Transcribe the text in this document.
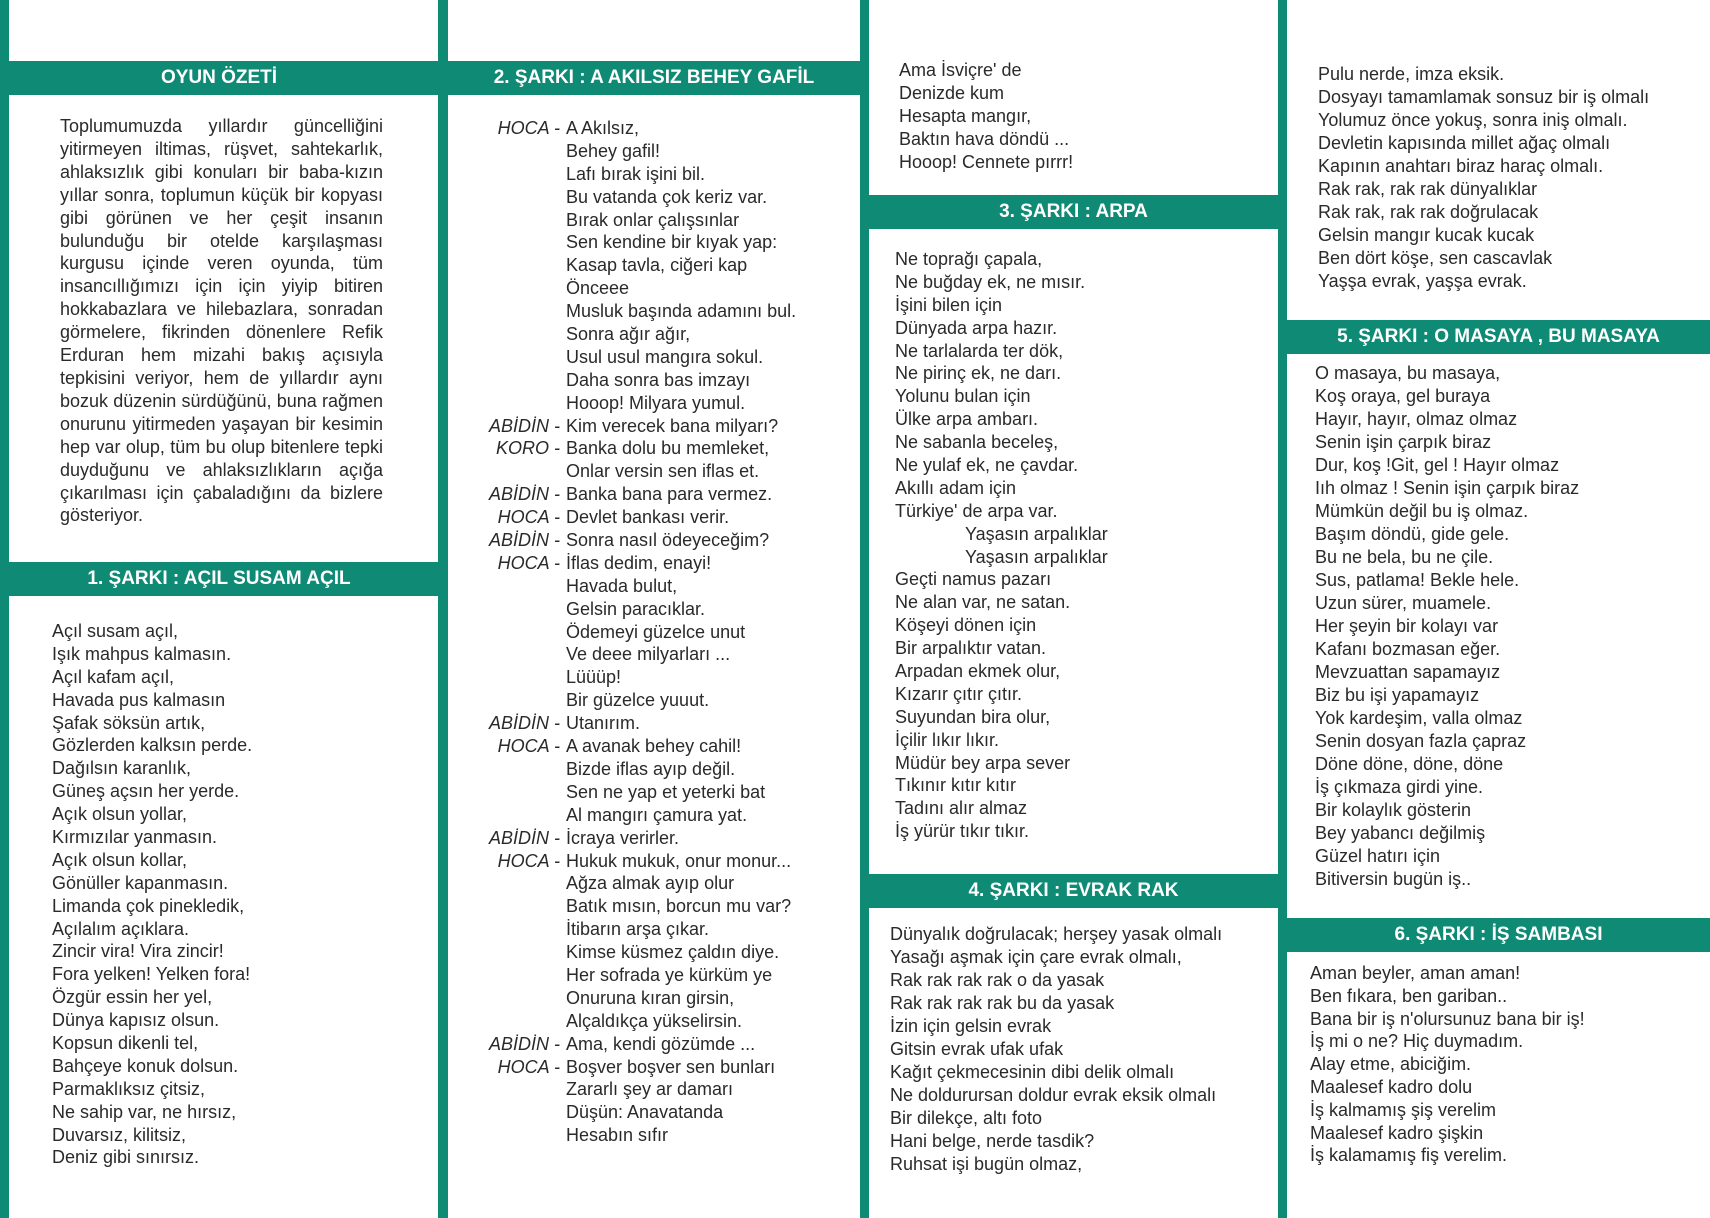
OYUN ÖZETİ

Toplumumuzda yıllardır güncelliğini yitirmeyen iltimas, rüşvet, sahtekarlık, ahlaksızlık gibi konuları bir baba-kızın yıllar sonra, toplumun küçük bir kopyası gibi görünen ve her çeşit insanın bulunduğu bir otelde karşılaşması kurgusu içinde veren oyunda, tüm insancıllığımızı için için yiyip bitiren hokkabazlara ve hilebazlara, sonradan görmelere, fikrinden dönenlere Refik Erduran hem mizahi bakış açısıyla tepkisini veriyor, hem de yıllardır aynı bozuk düzenin sürdüğünü, buna rağmen onurunu yitirmeden yaşayan bir kesimin hep var olup, tüm bu olup bitenlere tepki duyduğunu ve ahlaksızlıkların açığa çıkarılması için çabaladığını da bizlere gösteriyor.

1. ŞARKI : AÇIL SUSAM AÇIL
Açıl susam açıl,
Işık mahpus kalmasın.
Açıl kafam açıl,
Havada pus kalmasın
Şafak söksün artık,
Gözlerden kalksın perde.
Dağılsın karanlık,
Güneş açsın her yerde.
Açık olsun yollar,
Kırmızılar yanmasın.
Açık olsun kollar,
Gönüller kapanmasın.
Limanda çok pinekledik,
Açılalım açıklara.
Zincir vira! Vira zincir!
Fora yelken! Yelken fora!
Özgür essin her yel,
Dünya kapısız olsun.
Kopsun dikenli tel,
Bahçeye konuk dolsun.
Parmaklıksız çitsiz,
Ne sahip var, ne hırsız,
Duvarsız, kilitsiz,
Deniz gibi sınırsız.
2. ŞARKI : A AKILSIZ BEHEY GAFİL
HOCA - A Akılsız,
Behey gafil!
Lafı bırak işini bil.
Bu vatanda çok keriz var.
Bırak onlar çalışsınlar
Sen kendine bir kıyak yap:
Kasap tavla, ciğeri kap
Önceee
Musluk başında adamını bul.
Sonra ağır ağır,
Usul usul mangıra sokul.
Daha sonra bas imzayı
Hooop! Milyara yumul.
ABİDİN - Kim verecek bana milyarı?
KORO - Banka dolu bu memleket,
Onlar versin sen iflas et.
ABİDİN - Banka bana para vermez.
HOCA - Devlet bankası verir.
ABİDİN - Sonra nasıl ödeyeceğim?
HOCA - İflas dedim, enayi!
Havada bulut,
Gelsin paracıklar.
Ödemeyi güzelce unut
Ve deee milyarları ...
Lüüüp!
Bir güzelce yuuut.
ABİDİN - Utanırım.
HOCA - A avanak behey cahil!
Bizde iflas ayıp değil.
Sen ne yap et yeterki bat
Al mangırı çamura yat.
ABİDİN - İcraya verirler.
HOCA - Hukuk mukuk, onur monur...
Ağza almak ayıp olur
Batık mısın, borcun mu var?
İtibarın arşa çıkar.
Kimse küsmez çaldın diye.
Her sofrada ye kürküm ye
Onuruna kıran girsin,
Alçaldıkça yükselirsin.
ABİDİN - Ama, kendi gözümde ...
HOCA - Boşver boşver sen bunları
Zararlı şey ar damarı
Düşün: Anavatanda
Hesabın sıfır
Ama İsviçre' de
Denizde kum
Hesapta mangır,
Baktın hava döndü ...
Hooop! Cennete pırrr!
3. ŞARKI : ARPA
Ne toprağı çapala,
Ne buğday ek, ne mısır.
İşini bilen için
Dünyada arpa hazır.
Ne tarlalarda ter dök,
Ne pirinç ek, ne darı.
Yolunu bulan için
Ülke arpa ambarı.
Ne sabanla beceleş,
Ne yulaf ek, ne çavdar.
Akıllı adam için
Türkiye' de arpa var.
Yaşasın arpalıklar
Yaşasın arpalıklar
Geçti namus pazarı
Ne alan var, ne satan.
Köşeyi dönen için
Bir arpalıktır vatan.
Arpadan ekmek olur,
Kızarır çıtır çıtır.
Suyundan bira olur,
İçilir lıkır lıkır.
Müdür bey arpa sever
Tıkınır kıtır kıtır
Tadını alır almaz
İş yürür tıkır tıkır.
4. ŞARKI : EVRAK RAK
Dünyalık doğrulacak; herşey yasak olmalı
Yasağı aşmak için çare evrak olmalı,
Rak rak rak rak o da yasak
Rak rak rak rak bu da yasak
İzin için gelsin evrak
Gitsin evrak ufak ufak
Kağıt çekmecesinin dibi delik olmalı
Ne doldurursan doldur evrak eksik olmalı
Bir dilekçe, altı foto
Hani belge, nerde tasdik?
Ruhsat işi bugün olmaz,
Pulu nerde, imza eksik.
Dosyayı tamamlamak sonsuz bir iş olmalı
Yolumuz önce yokuş, sonra iniş olmalı.
Devletin kapısında millet ağaç olmalı
Kapının anahtarı biraz haraç olmalı.
Rak rak, rak rak dünyalıklar
Rak rak, rak rak doğrulacak
Gelsin mangır kucak kucak
Ben dört köşe, sen cascavlak
Yaşşa evrak, yaşşa evrak.
5. ŞARKI : O MASAYA , BU MASAYA
O masaya, bu masaya,
Koş oraya, gel buraya
Hayır, hayır, olmaz olmaz
Senin işin çarpık biraz
Dur, koş !Git, gel ! Hayır olmaz
Iıh olmaz ! Senin işin çarpık biraz
Mümkün değil bu iş olmaz.
Başım döndü, gide gele.
Bu ne bela, bu ne çile.
Sus, patlama! Bekle hele.
Uzun sürer, muamele.
Her şeyin bir kolayı var
Kafanı bozmasan eğer.
Mevzuattan sapamayız
Biz bu işi yapamayız
Yok kardeşim, valla olmaz
Senin dosyan fazla çapraz
Döne döne, döne, döne
İş çıkmaza girdi yine.
Bir kolaylık gösterin
Bey yabancı değilmiş
Güzel hatırı için
Bitiversin bugün iş..
6. ŞARKI : İŞ SAMBASI
Aman beyler, aman aman!
Ben fıkara, ben gariban..
Bana bir iş n'olursunuz bana bir iş!
İş mi o ne? Hiç duymadım.
Alay etme, abiciğim.
Maalesef kadro dolu
İş kalmamış şiş verelim
Maalesef kadro şişkin
İş kalamamış fiş verelim.
